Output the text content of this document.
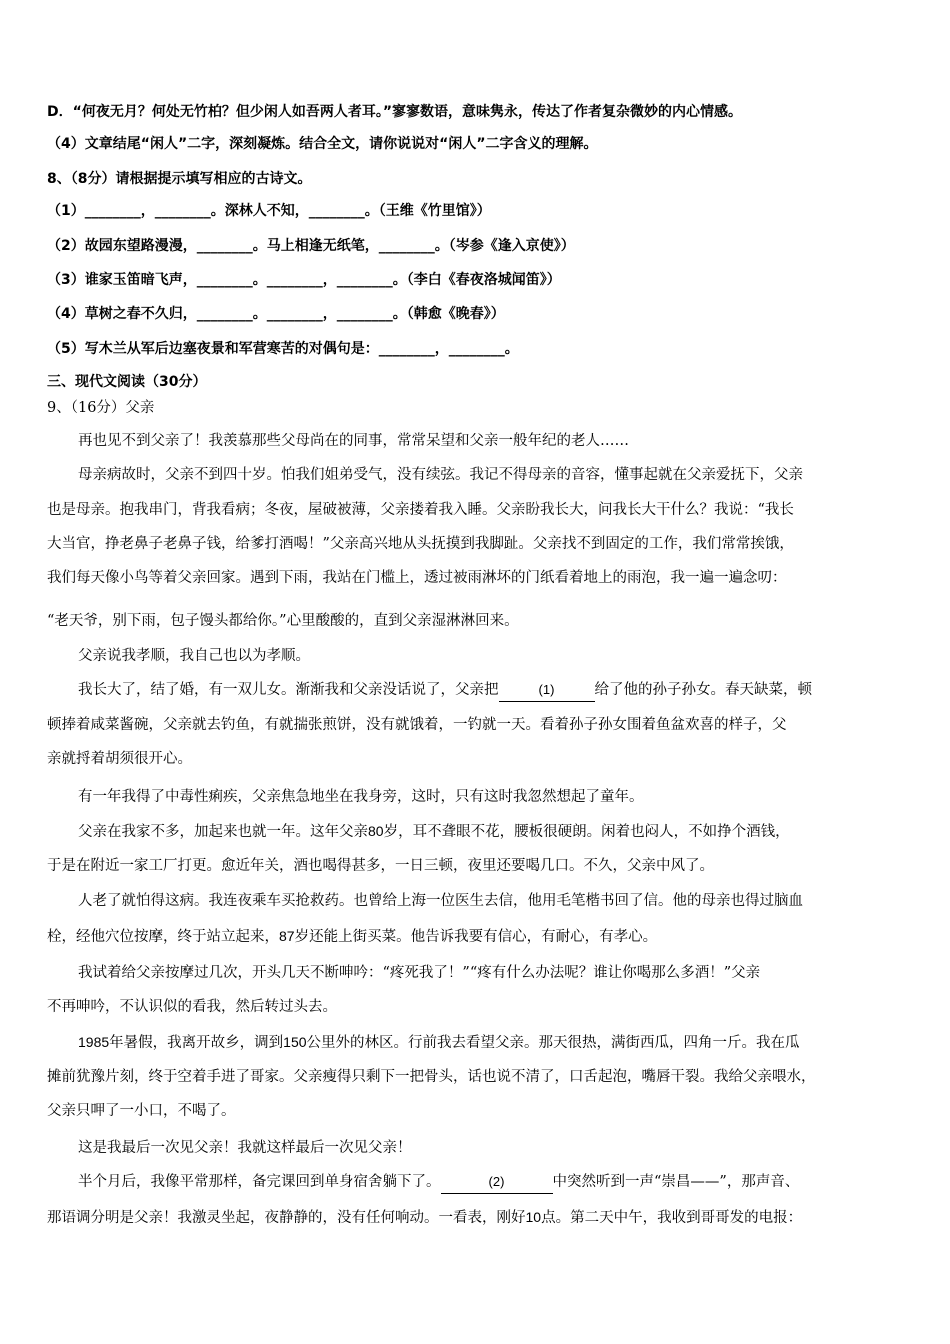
D．“何夜无月？何处无竹柏？但少闲人如吾两人者耳。”寥寥数语，意味隽永，传达了作者复杂微妙的内心情感。
（4）文章结尾“闲人”二字，深刻凝炼。结合全文，请你说说对“闲人”二字含义的理解。
8、（8分）请根据提示填写相应的古诗文。
（1）________，________。深林人不知，________。（王维《竹里馆》）
（2）故园东望路漫漫，________。马上相逢无纸笔，________。（岑参《逢入京使》）
（3）谁家玉笛暗飞声，________。________，________。（李白《春夜洛城闻笛》）
（4）草树之春不久归，________。________，________。（韩愈《晚春》）
（5）写木兰从军后边塞夜景和军营寒苦的对偶句是：________，________。
三、现代文阅读（30分）
9、（16分）父亲
再也见不到父亲了！我羡慕那些父母尚在的同事，常常呆望和父亲一般年纪的老人……
母亲病故时，父亲不到四十岁。怕我们姐弟受气，没有续弦。我记不得母亲的音容，懂事起就在父亲爱抚下，父亲
也是母亲。抱我串门，背我看病；冬夜，屋破被薄，父亲搂着我入睡。父亲盼我长大，问我长大干什么？我说：“我长
大当官，挣老鼻子老鼻子钱，给爹打酒喝！”父亲高兴地从头抚摸到我脚趾。父亲找不到固定的工作，我们常常挨饿，
我们每天像小鸟等着父亲回家。遇到下雨，我站在门槛上，透过被雨淋坏的门纸看着地上的雨泡，我一遍一遍念叨：
“老天爷，别下雨，包子馒头都给你。”心里酸酸的，直到父亲湿淋淋回来。
父亲说我孝顺，我自己也以为孝顺。
我长大了，结了婚，有一双儿女。渐渐我和父亲没话说了，父亲把	(1)	给了他的孙子孙女。春天缺菜，顿
顿捧着咸菜酱碗，父亲就去钓鱼，有就揣张煎饼，没有就饿着，一钓就一天。看着孙子孙女围着鱼盆欢喜的样子，父
亲就捋着胡须很开心。
有一年我得了中毒性痢疾，父亲焦急地坐在我身旁，这时，只有这时我忽然想起了童年。
父亲在我家不多，加起来也就一年。这年父亲80岁，耳不聋眼不花，腰板很硬朗。闲着也闷人，不如挣个酒钱，
于是在附近一家工厂打更。愈近年关，酒也喝得甚多，一日三顿，夜里还要喝几口。不久，父亲中风了。
人老了就怕得这病。我连夜乘车买抢救药。也曾给上海一位医生去信，他用毛笔楷书回了信。他的母亲也得过脑血
栓，经他穴位按摩，终于站立起来，87岁还能上街买菜。他告诉我要有信心，有耐心，有孝心。
我试着给父亲按摩过几次，开头几天不断呻吟：“疼死我了！”“疼有什么办法呢？谁让你喝那么多酒！”父亲
不再呻吟，不认识似的看我，然后转过头去。
1985年暑假，我离开故乡，调到150公里外的林区。行前我去看望父亲。那天很热，满街西瓜，四角一斤。我在瓜
摊前犹豫片刻，终于空着手进了哥家。父亲瘦得只剩下一把骨头，话也说不清了，口舌起泡，嘴唇干裂。我给父亲喂水，
父亲只呷了一小口，不喝了。
这是我最后一次见父亲！我就这样最后一次见父亲！
半个月后，我像平常那样，备完课回到单身宿舍躺下了。	(2)	中突然听到一声“崇昌——”，那声音、
那语调分明是父亲！我激灵坐起，夜静静的，没有任何响动。一看表，刚好10点。第二天中午，我收到哥哥发的电报：
